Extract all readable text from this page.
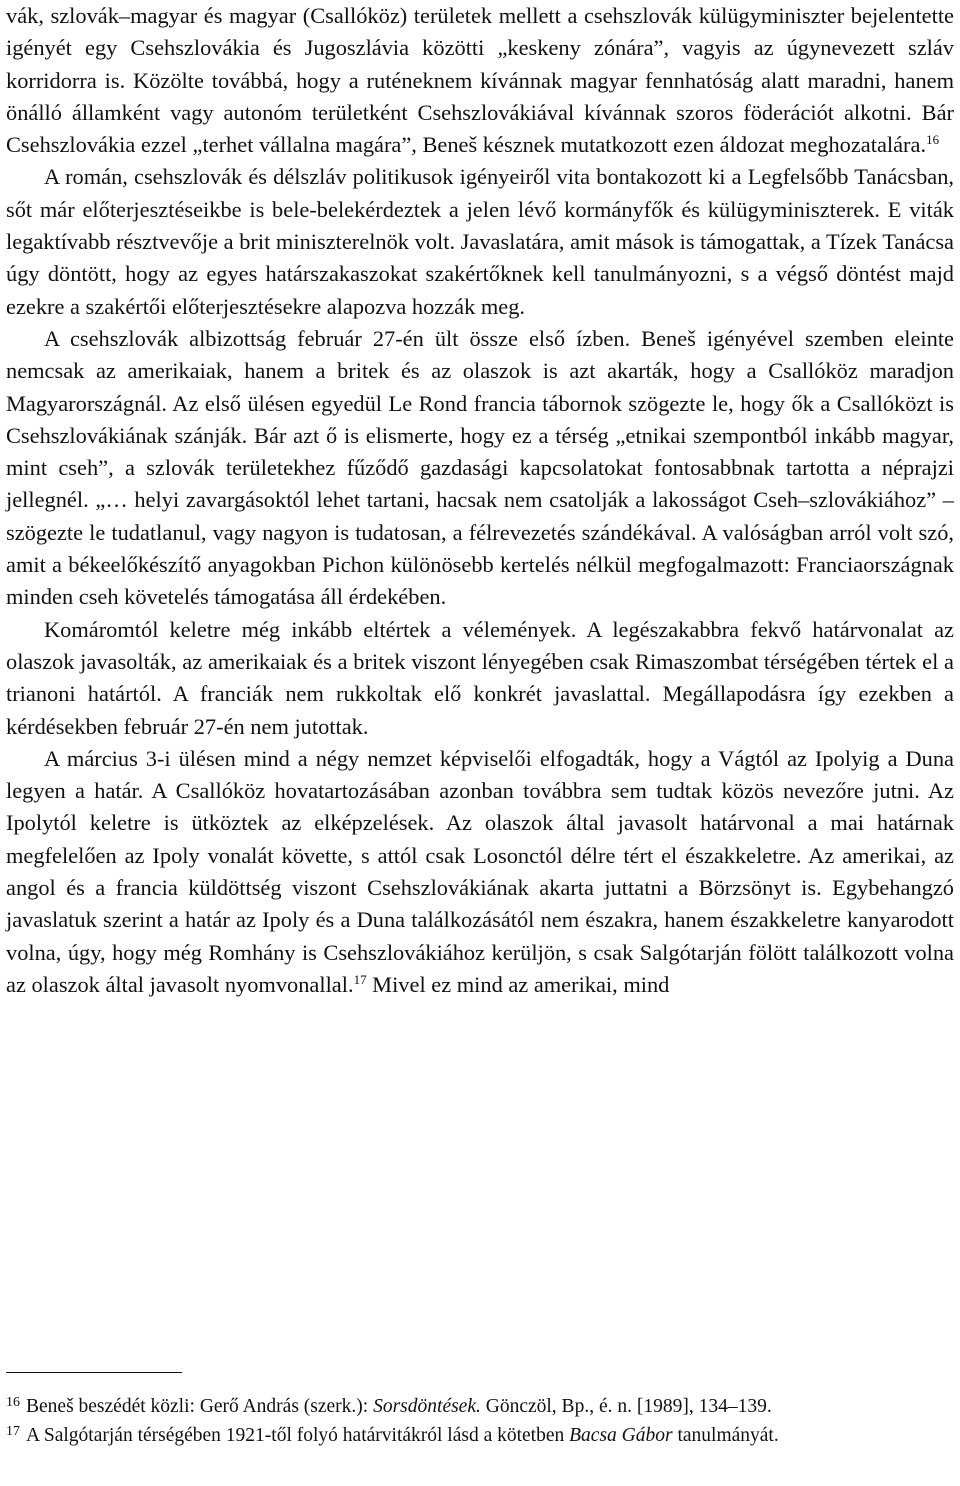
vák, szlovák–magyar és magyar (Csallóköz) területek mellett a csehszlovák külügyminiszter bejelentette igényét egy Csehszlovákia és Jugoszlávia közötti „keskeny zónára”, vagyis az úgynevezett szláv korridorra is. Közölte továbbá, hogy a ruténeknem kívánnak magyar fennhatóság alatt maradni, hanem önálló államként vagy autonóm területként Csehszlovákiával kívánnak szoros föderációt alkotni. Bár Csehszlovákia ezzel „terhet vállalna magára”, Beneš késznek mutatkozott ezen áldozat meghozatalára.$^{16}$

A román, csehszlovák és délszláv politikusok igényeiről vita bontakozott ki a Legfelsőbb Tanácsban, sőt már előterjesztéseikbe is bele-belekérdeztek a jelen lévő kormányfők és külügyminiszterek. E viták legaktívabb résztvevője a brit miniszterelnök volt. Javaslatára, amit mások is támogattak, a Tízek Tanácsa úgy döntött, hogy az egyes határszakaszokat szakértőknek kell tanulmányozni, s a végső döntést majd ezekre a szakértői előterjesztésekre alapozva hozzák meg.

A csehszlovák albizottság február 27-én ült össze első ízben. Beneš igényével szemben eleinte nemcsak az amerikaiak, hanem a britek és az olaszok is azt akarták, hogy a Csallóköz maradjon Magyarországnál. Az első ülésen egyedül Le Rond francia tábornok szögezte le, hogy ők a Csallóközt is Csehszlovákiának szánják. Bár azt ő is elismerte, hogy ez a térség „etnikai szempontból inkább magyar, mint cseh”, a szlovák területekhez fűződő gazdasági kapcsolatokat fontosabbnak tartotta a néprajzi jellegnél. „… helyi zavargásoktól lehet tartani, hacsak nem csatolják a lakosságot Cseh–szlovákiához” – szögezte le tudatlanul, vagy nagyon is tudatosan, a félrevezetés szándékával. A valóságban arról volt szó, amit a békeelőkészítő anyagokban Pichon különösebb kertelés nélkül megfogalmazott: Franciaországnak minden cseh követelés támogatása áll érdekében.

Komáromtól keletre még inkább eltértek a vélemények. A legészakabbra fekvő határvonalat az olaszok javasolták, az amerikaiak és a britek viszont lényegében csak Rimaszombat térségében tértek el a trianoni határtól. A franciák nem rukkoltak elő konkrét javaslattal. Megállapodásra így ezekben a kérdésekben február 27-én nem jutottak.

A március 3-i ülésen mind a négy nemzet képviselői elfogadták, hogy a Vágtól az Ipolyig a Duna legyen a határ. A Csallóköz hovatartozásában azonban továbbra sem tudtak közös nevezőre jutni. Az Ipolytól keletre is ütköztek az elképzelések. Az olaszok által javasolt határvonal a mai határnak megfelelően az Ipoly vonalát követte, s attól csak Losonctól délre tért el északkeletre. Az amerikai, az angol és a francia küldöttség viszont Csehszlovákiának akarta juttatni a Börzsönyt is. Egybehangzó javaslatuk szerint a határ az Ipoly és a Duna találkozásától nem északra, hanem északkeletre kanyarodott volna, úgy, hogy még Romhány is Csehszlovákiához kerüljön, s csak Salgótarján fölött találkozott volna az olaszok által javasolt nyomvonallal.$^{17}$ Mivel ez mind az amerikai, mind

$^{16}$ Beneš beszédét közli: Gerő András (szerk.): Sorsdöntések. Gönczöl, Bp., é. n. [1989], 134–139.

$^{17}$ A Salgótarján térségében 1921-től folyó határvitákról lásd a kötetben Bacsa Gábor tanulmányát.
